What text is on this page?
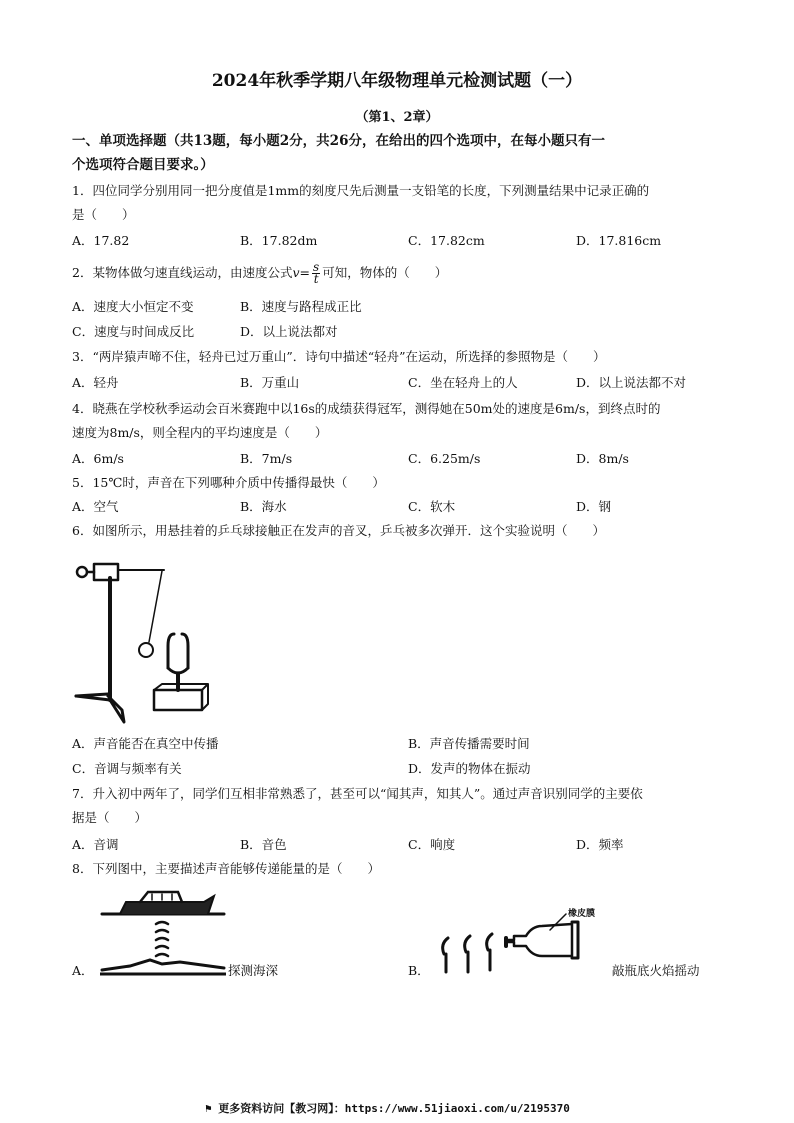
2024年秋季学期八年级物理单元检测试题（一）
（第1、2章）
一、单项选择题（共13题，每小题2分，共26分，在给出的四个选项中，在每小题只有一
个选项符合题目要求。）
1．四位同学分别用同一把分度值是1mm的刻度尺先后测量一支铅笔的长度，下列测量结果中记录正确的
是（　　）
A．17.82	B．17.82dm	C．17.82cm	D．17.816cm
2．某物体做匀速直线运动，由速度公式$v= \frac{s}{t}$ 可知，物体的（　　）
A．速度大小恒定不变	B．速度与路程成正比
C．速度与时间成反比	D．以上说法都对
3．“两岸猿声啼不住，轻舟已过万重山”．诗句中描述“轻舟”在运动，所选择的参照物是（　　）
A．轻舟	B．万重山	C．坐在轻舟上的人	D．以上说法都不对
4．晓燕在学校秋季运动会百米赛跑中以16s的成绩获得冠军，测得她在50m处的速度是6m/s，到终点时的
速度为8m/s，则全程内的平均速度是（　　）
A．6m/s	B．7m/s	C．6.25m/s	D．8m/s
5．15℃时，声音在下列哪种介质中传播得最快（　　）
A．空气	B．海水	C．软木	D．钢
6．如图所示，用悬挂着的乒乓球接触正在发声的音叉，乒乓被多次弹开．这个实验说明（　　）
A．声音能否在真空中传播	B．声音传播需要时间
C．音调与频率有关	D．发声的物体在振动
7．升入初中两年了，同学们互相非常熟悉了，甚至可以“闻其声，知其人”。通过声音识别同学的主要依
据是（　　）
A．音调	B．音色	C．响度	D．频率
8．下列图中，主要描述声音能够传递能量的是（　　）
A．	探测海深
橡皮膜
B．	敲瓶底火焰摇动
⚑ 更多资料访问【教习网】：https://www.51jiaoxi.com/u/2195370
